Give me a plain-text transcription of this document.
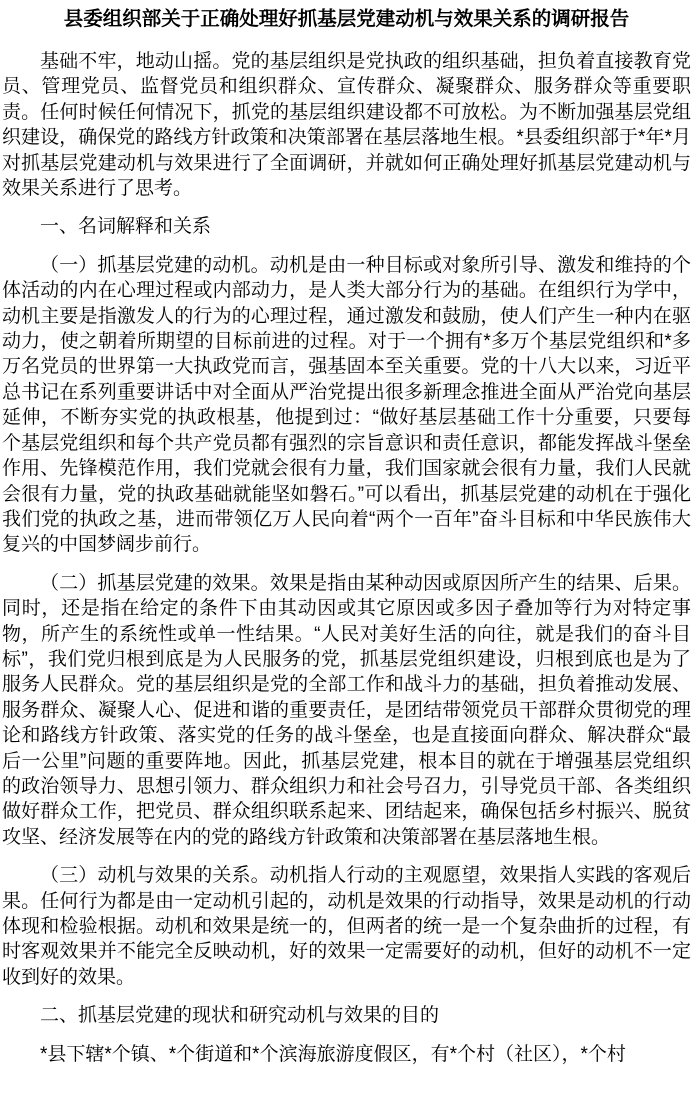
县委组织部关于正确处理好抓基层党建动机与效果关系的调研报告

基础不牢，地动山摇。党的基层组织是党执政的组织基础，担负着直接教育党员、管理党员、监督党员和组织群众、宣传群众、凝聚群众、服务群众等重要职责。任何时候任何情况下，抓党的基层组织建设都不可放松。为不断加强基层党组织建设，确保党的路线方针政策和决策部署在基层落地生根。*县委组织部于*年*月对抓基层党建动机与效果进行了全面调研，并就如何正确处理好抓基层党建动机与效果关系进行了思考。

一、名词解释和关系

（一）抓基层党建的动机。动机是由一种目标或对象所引导、激发和维持的个体活动的内在心理过程或内部动力，是人类大部分行为的基础。在组织行为学中，动机主要是指激发人的行为的心理过程，通过激发和鼓励，使人们产生一种内在驱动力，使之朝着所期望的目标前进的过程。对于一个拥有*多万个基层党组织和*多万名党员的世界第一大执政党而言，强基固本至关重要。党的十八大以来，习近平总书记在系列重要讲话中对全面从严治党提出很多新理念推进全面从严治党向基层延伸，不断夯实党的执政根基，他提到过：“做好基层基础工作十分重要，只要每个基层党组织和每个共产党员都有强烈的宗旨意识和责任意识，都能发挥战斗堡垒作用、先锋模范作用，我们党就会很有力量，我们国家就会很有力量，我们人民就会很有力量，党的执政基础就能坚如磐石。”可以看出，抓基层党建的动机在于强化我们党的执政之基，进而带领亿万人民向着“两个一百年”奋斗目标和中华民族伟大复兴的中国梦阔步前行。

（二）抓基层党建的效果。效果是指由某种动因或原因所产生的结果、后果。同时，还是指在给定的条件下由其动因或其它原因或多因子叠加等行为对特定事物，所产生的系统性或单一性结果。“人民对美好生活的向往，就是我们的奋斗目标”，我们党归根到底是为人民服务的党，抓基层党组织建设，归根到底也是为了服务人民群众。党的基层组织是党的全部工作和战斗力的基础，担负着推动发展、服务群众、凝聚人心、促进和谐的重要责任，是团结带领党员干部群众贯彻党的理论和路线方针政策、落实党的任务的战斗堡垒，也是直接面向群众、解决群众“最后一公里”问题的重要阵地。因此，抓基层党建，根本目的就在于增强基层党组织的政治领导力、思想引领力、群众组织力和社会号召力，引导党员干部、各类组织做好群众工作，把党员、群众组织联系起来、团结起来，确保包括乡村振兴、脱贫攻坚、经济发展等在内的党的路线方针政策和决策部署在基层落地生根。

（三）动机与效果的关系。动机指人行动的主观愿望，效果指人实践的客观后果。任何行为都是由一定动机引起的，动机是效果的行动指导，效果是动机的行动体现和检验根据。动机和效果是统一的，但两者的统一是一个复杂曲折的过程，有时客观效果并不能完全反映动机，好的效果一定需要好的动机，但好的动机不一定收到好的效果。

二、抓基层党建的现状和研究动机与效果的目的

*县下辖*个镇、*个街道和*个滨海旅游度假区，有*个村（社区），*个村
